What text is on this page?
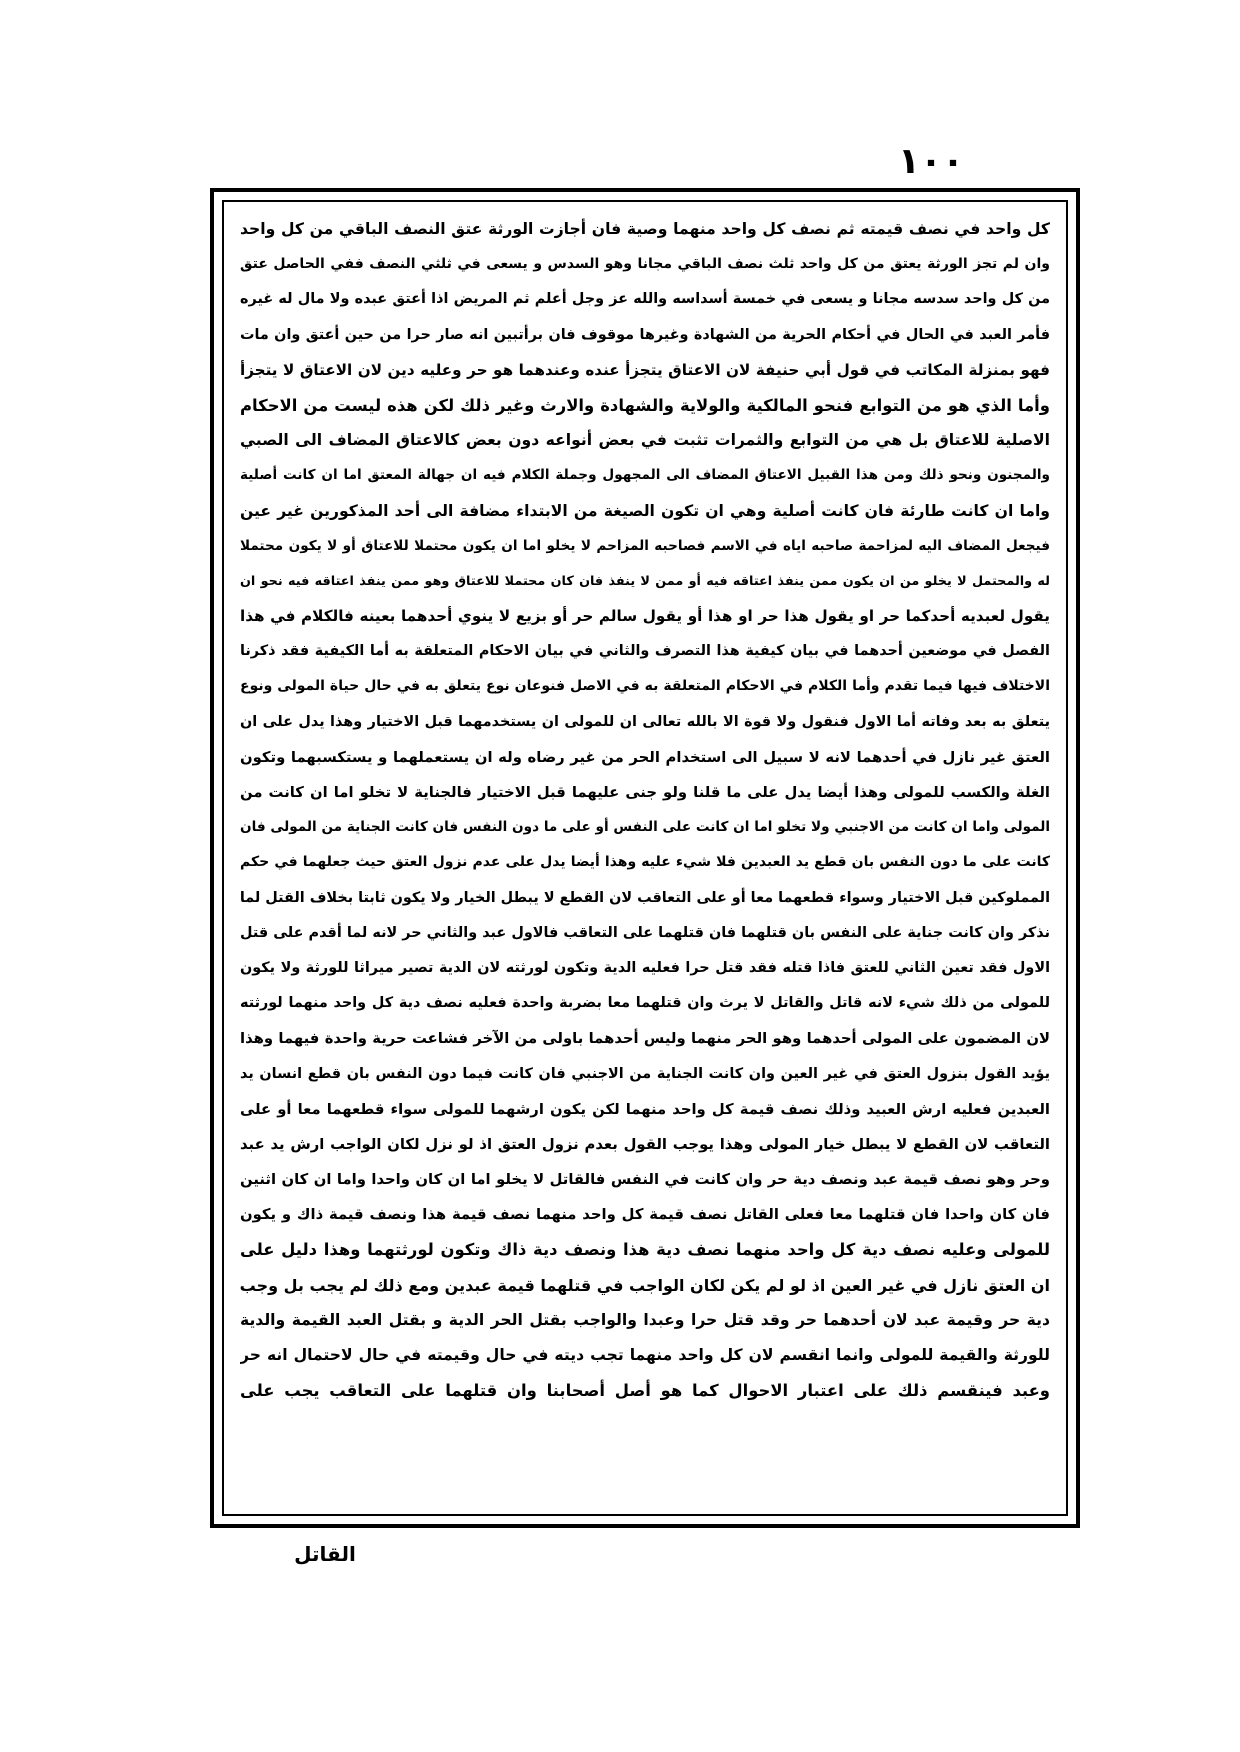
١٠٠
كل واحد في نصف قيمته ثم نصف كل واحد منهما وصية فان أجازت الورثة عتق النصف الباقي من كل واحد
وان لم تجز الورثة يعتق من كل واحد ثلث نصف الباقي مجانا وهو السدس و يسعى في ثلثي النصف ففي الحاصل عتق
من كل واحد سدسه مجانا و يسعى في خمسة أسداسه والله عز وجل أعلم ثم المريض اذا أعتق عبده ولا مال له غيره
فأمر العبد في الحال في أحكام الحرية من الشهادة وغيرها موقوف فان برأتبين انه صار حرا من حين أعتق وان مات
فهو بمنزلة المكاتب في قول أبي حنيفة لان الاعتاق يتجزأ عنده وعندهما هو حر وعليه دين لان الاعتاق لا يتجزأ
وأما الذي هو من التوابع فنحو المالكية والولاية والشهادة والارث وغير ذلك لكن هذه ليست من الاحكام
الاصلية للاعتاق بل هي من التوابع والثمرات تثبت في بعض أنواعه دون بعض كالاعتاق المضاف الى الصبي
والمجنون ونحو ذلك ومن هذا القبيل الاعتاق المضاف الى المجهول وجملة الكلام فيه ان جهالة المعتق اما ان كانت أصلية
واما ان كانت طارئة فان كانت أصلية وهي ان تكون الصيغة من الابتداء مضافة الى أحد المذكورين غير عين
فيجعل المضاف اليه لمزاحمة صاحبه اياه في الاسم فصاحبه المزاحم لا يخلو اما ان يكون محتملا للاعتاق أو لا يكون محتملا
له والمحتمل لا يخلو من ان يكون ممن ينفذ اعتاقه فيه أو ممن لا ينفذ فان كان محتملا للاعتاق وهو ممن ينفذ اعتاقه فيه نحو ان
يقول لعبديه أحدكما حر او يقول هذا حر او هذا أو يقول سالم حر أو بزيع لا ينوي أحدهما بعينه فالكلام في هذا
الفصل في موضعين أحدهما في بيان كيفية هذا التصرف والثاني في بيان الاحكام المتعلقة به أما الكيفية فقد ذكرنا
الاختلاف فيها فيما تقدم وأما الكلام في الاحكام المتعلقة به في الاصل فنوعان نوع يتعلق به في حال حياة المولى ونوع
يتعلق به بعد وفاته أما الاول فنقول ولا قوة الا بالله تعالى ان للمولى ان يستخدمهما قبل الاختيار وهذا يدل على ان
العتق غير نازل في أحدهما لانه لا سبيل الى استخدام الحر من غير رضاه وله ان يستعملهما و يستكسبهما وتكون
الغلة والكسب للمولى وهذا أيضا يدل على ما قلنا ولو جنى عليهما قبل الاختيار فالجناية لا تخلو اما ان كانت من
المولى واما ان كانت من الاجنبي ولا تخلو اما ان كانت على النفس أو على ما دون النفس فان كانت الجناية من المولى فان
كانت على ما دون النفس بان قطع يد العبدين فلا شيء عليه وهذا أيضا يدل على عدم نزول العتق حيث جعلهما في حكم
المملوكين قبل الاختيار وسواء قطعهما معا أو على التعاقب لان القطع لا يبطل الخيار ولا يكون ثابتا بخلاف القتل لما
نذكر وان كانت جناية على النفس بان قتلهما فان قتلهما على التعاقب فالاول عبد والثاني حر لانه لما أقدم على قتل
الاول فقد تعين الثاني للعتق فاذا قتله فقد قتل حرا فعليه الدية وتكون لورثته لان الدية تصير ميراثا للورثة ولا يكون
للمولى من ذلك شيء لانه قاتل والقاتل لا يرث وان قتلهما معا بضربة واحدة فعليه نصف دية كل واحد منهما لورثته
لان المضمون على المولى أحدهما وهو الحر منهما وليس أحدهما باولى من الآخر فشاعت حرية واحدة فيهما وهذا
يؤيد القول بنزول العتق في غير العين وان كانت الجناية من الاجنبي فان كانت فيما دون النفس بان قطع انسان يد
العبدين فعليه ارش العبيد وذلك نصف قيمة كل واحد منهما لكن يكون ارشهما للمولى سواء قطعهما معا أو على
التعاقب لان القطع لا يبطل خيار المولى وهذا يوجب القول بعدم نزول العتق اذ لو نزل لكان الواجب ارش يد عبد
وحر وهو نصف قيمة عبد ونصف دية حر وان كانت في النفس فالقاتل لا يخلو اما ان كان واحدا واما ان كان اثنين
فان كان واحدا فان قتلهما معا فعلى القاتل نصف قيمة كل واحد منهما نصف قيمة هذا ونصف قيمة ذاك و يكون
للمولى وعليه نصف دية كل واحد منهما نصف دية هذا ونصف دية ذاك وتكون لورثتهما وهذا دليل على
ان العتق نازل في غير العين اذ لو لم يكن لكان الواجب في قتلهما قيمة عبدين ومع ذلك لم يجب بل وجب
دية حر وقيمة عبد لان أحدهما حر وقد قتل حرا وعبدا والواجب بقتل الحر الدية و بقتل العبد القيمة والدية
للورثة والقيمة للمولى وانما انقسم لان كل واحد منهما تجب ديته في حال وقيمته في حال لاحتمال انه حر
وعبد فينقسم ذلك على اعتبار الاحوال كما هو أصل أصحابنا وان قتلهما على التعاقب يجب على
القاتل
